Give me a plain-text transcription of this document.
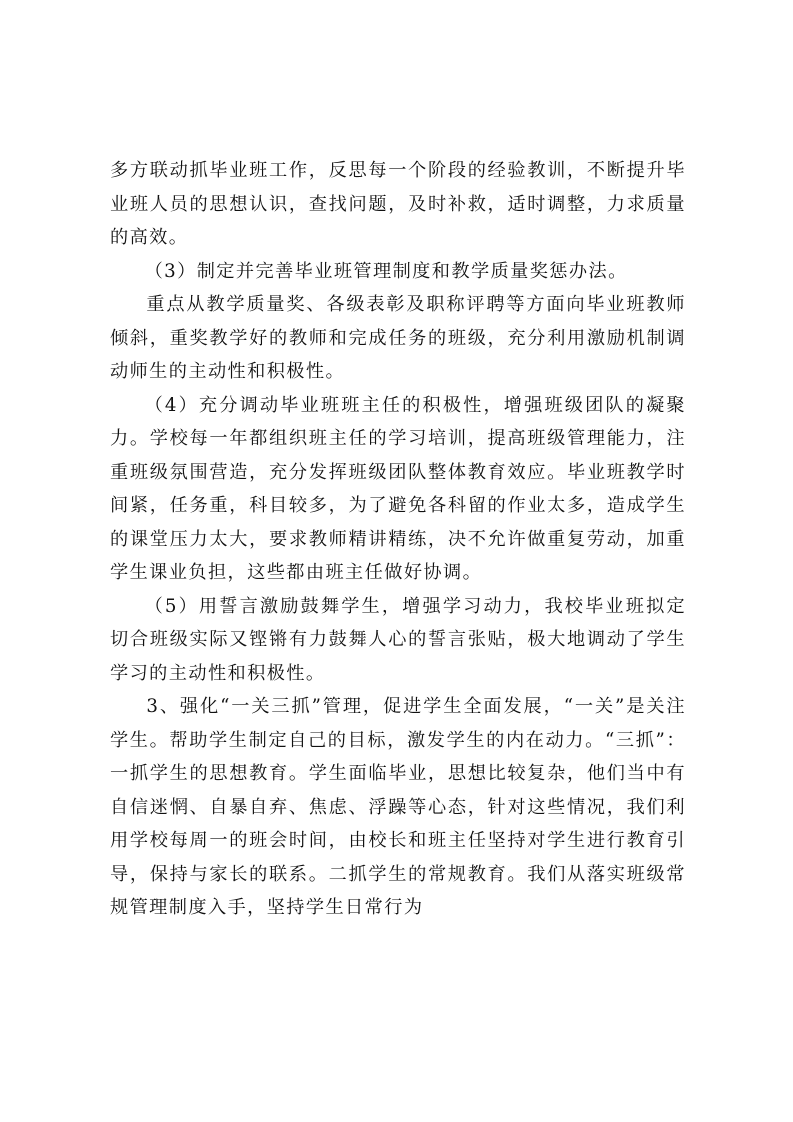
多方联动抓毕业班工作，反思每一个阶段的经验教训，不断提升毕业班人员的思想认识，查找问题，及时补救，适时调整，力求质量的高效。

（3）制定并完善毕业班管理制度和教学质量奖惩办法。

重点从教学质量奖、各级表彰及职称评聘等方面向毕业班教师倾斜，重奖教学好的教师和完成任务的班级，充分利用激励机制调动师生的主动性和积极性。

（4）充分调动毕业班班主任的积极性，增强班级团队的凝聚力。学校每一年都组织班主任的学习培训，提高班级管理能力，注重班级氛围营造，充分发挥班级团队整体教育效应。毕业班教学时间紧，任务重，科目较多，为了避免各科留的作业太多，造成学生的课堂压力太大，要求教师精讲精练，决不允许做重复劳动，加重学生课业负担，这些都由班主任做好协调。

（5）用誓言激励鼓舞学生，增强学习动力，我校毕业班拟定切合班级实际又铿锵有力鼓舞人心的誓言张贴，极大地调动了学生学习的主动性和积极性。

3、强化“一关三抓”管理，促进学生全面发展，“一关”是关注学生。帮助学生制定自己的目标，激发学生的内在动力。“三抓”：一抓学生的思想教育。学生面临毕业，思想比较复杂，他们当中有自信迷惘、自暴自弃、焦虑、浮躁等心态，针对这些情况，我们利用学校每周一的班会时间，由校长和班主任坚持对学生进行教育引导，保持与家长的联系。二抓学生的常规教育。我们从落实班级常规管理制度入手，坚持学生日常行为
